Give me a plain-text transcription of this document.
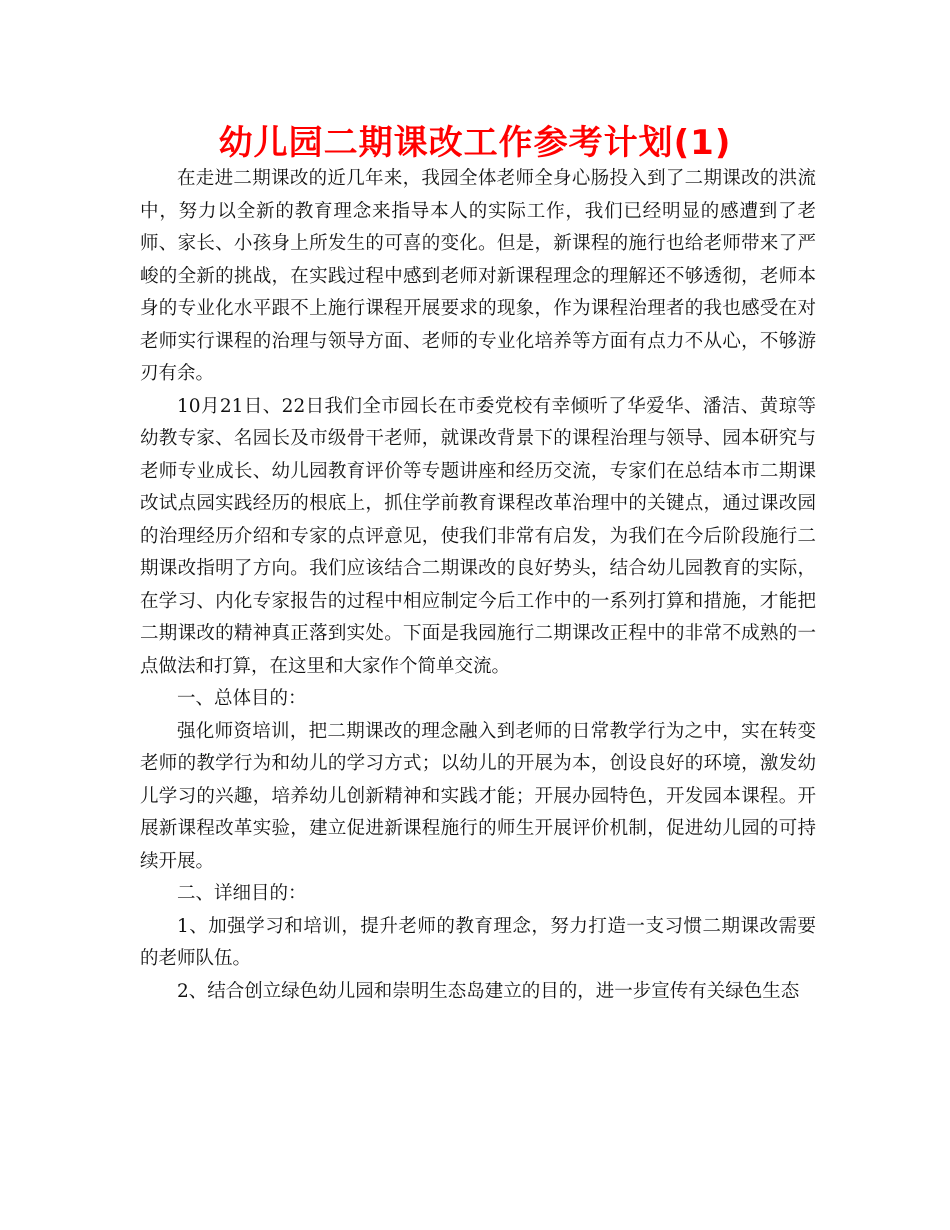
幼儿园二期课改工作参考计划(1)

在走进二期课改的近几年来，我园全体老师全身心肠投入到了二期课改的洪流中，努力以全新的教育理念来指导本人的实际工作，我们已经明显的感遭到了老师、家长、小孩身上所发生的可喜的变化。但是，新课程的施行也给老师带来了严峻的全新的挑战，在实践过程中感到老师对新课程理念的理解还不够透彻，老师本身的专业化水平跟不上施行课程开展要求的现象，作为课程治理者的我也感受在对老师实行课程的治理与领导方面、老师的专业化培养等方面有点力不从心，不够游刃有余。

10月21日、22日我们全市园长在市委党校有幸倾听了华爱华、潘洁、黄琼等幼教专家、名园长及市级骨干老师，就课改背景下的课程治理与领导、园本研究与老师专业成长、幼儿园教育评价等专题讲座和经历交流，专家们在总结本市二期课改试点园实践经历的根底上，抓住学前教育课程改革治理中的关键点，通过课改园的治理经历介绍和专家的点评意见，使我们非常有启发，为我们在今后阶段施行二期课改指明了方向。我们应该结合二期课改的良好势头，结合幼儿园教育的实际，在学习、内化专家报告的过程中相应制定今后工作中的一系列打算和措施，才能把二期课改的精神真正落到实处。下面是我园施行二期课改正程中的非常不成熟的一点做法和打算，在这里和大家作个简单交流。

一、总体目的：

强化师资培训，把二期课改的理念融入到老师的日常教学行为之中，实在转变老师的教学行为和幼儿的学习方式；以幼儿的开展为本，创设良好的环境，激发幼儿学习的兴趣，培养幼儿创新精神和实践才能；开展办园特色，开发园本课程。开展新课程改革实验，建立促进新课程施行的师生开展评价机制，促进幼儿园的可持续开展。

二、详细目的：

1、加强学习和培训，提升老师的教育理念，努力打造一支习惯二期课改需要的老师队伍。

2、结合创立绿色幼儿园和崇明生态岛建立的目的，进一步宣传有关绿色生态
